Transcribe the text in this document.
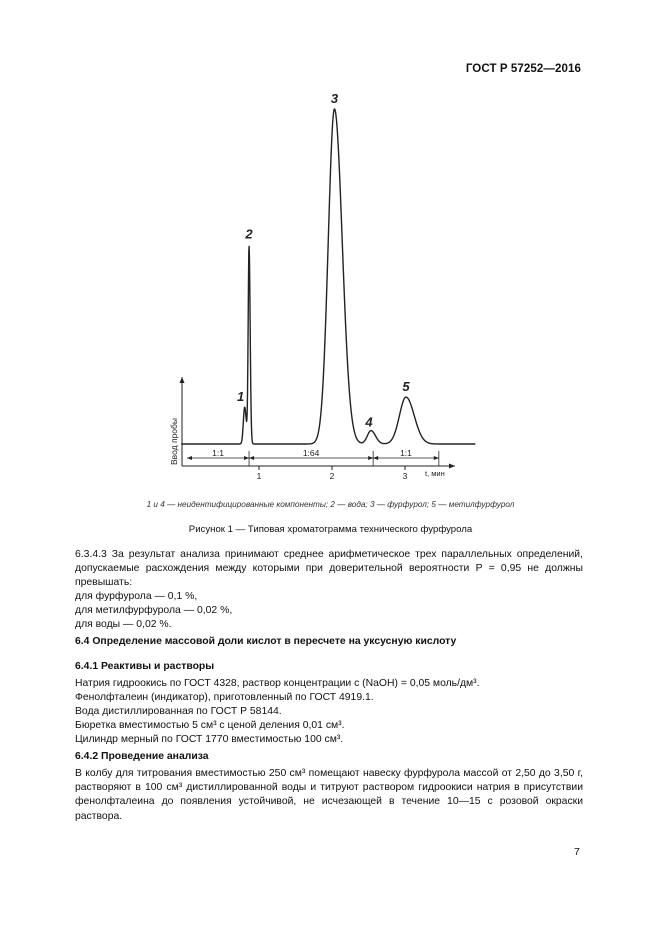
ГОСТ Р 57252—2016
Ввод пробы
t, мин
1	2	3
1:1	1:64	1:1
1
2
3
4
5
1 и 4 — неидентифицированные компоненты; 2 — вода; 3 — фурфурол; 5 — метилфурфурол
Рисунок 1 — Типовая хроматограмма технического фурфурола
6.3.4.3 За результат анализа принимают среднее арифметическое трех параллельных определений, допускаемые расхождения между которыми при доверительной вероятности P = 0,95 не должны превышать:
для фурфурола — 0,1 %,
для метилфурфурола — 0,02 %,
для воды — 0,02 %.
6.4 Определение массовой доли кислот в пересчете на уксусную кислоту
6.4.1 Реактивы и растворы
Натрия гидроокись по ГОСТ 4328, раствор концентрации с (NaOH) = 0,05 моль/дм³.
Фенолфталеин (индикатор), приготовленный по ГОСТ 4919.1.
Вода дистиллированная по ГОСТ Р 58144.
Бюретка вместимостью 5 см³ с ценой деления 0,01 см³.
Цилиндр мерный по ГОСТ 1770 вместимостью 100 см³.
6.4.2 Проведение анализа
В колбу для титрования вместимостью 250 см³ помещают навеску фурфурола массой от 2,50 до 3,50 г, растворяют в 100 см³ дистиллированной воды и титруют раствором гидроокиси натрия в присутствии фенолфталеина до появления устойчивой, не исчезающей в течение 10—15 с розовой окраски раствора.
7
